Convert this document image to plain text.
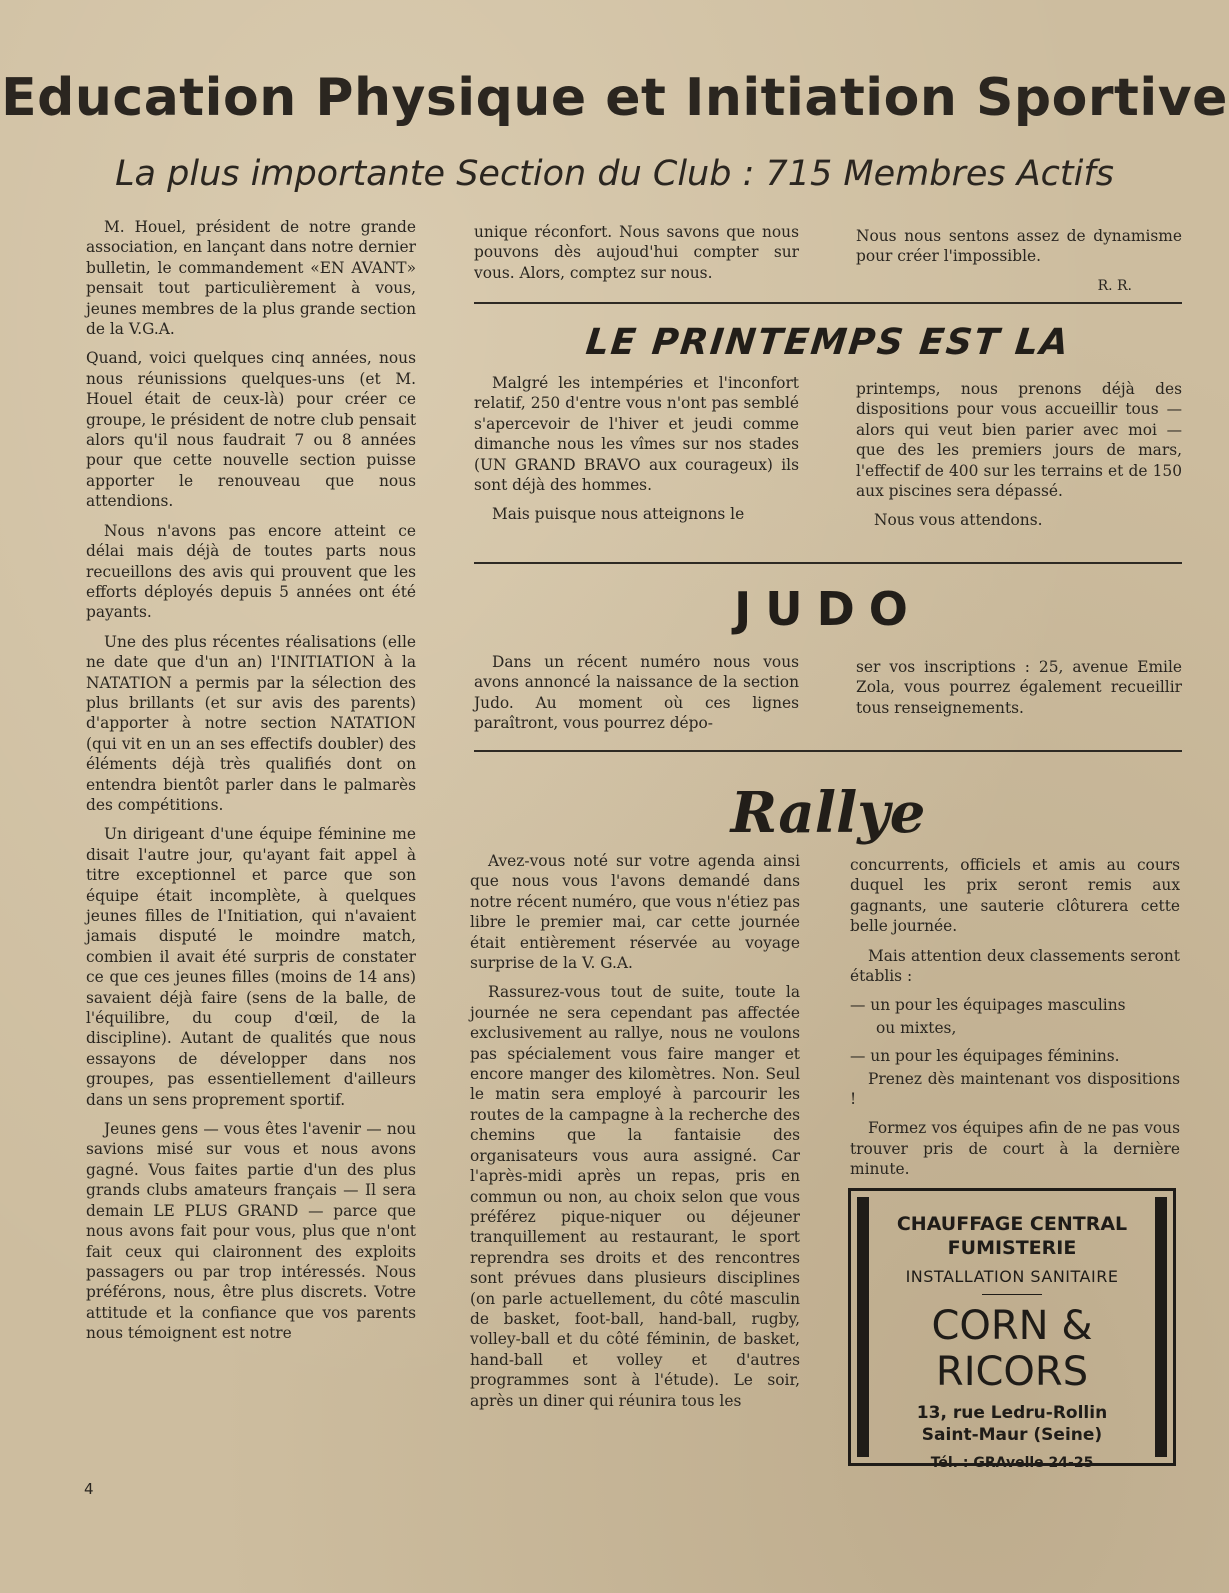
Education Physique et Initiation Sportive
La plus importante Section du Club : 715 Membres Actifs

M. Houel, président de notre grande association, en lançant dans notre dernier bulletin, le commandement «EN AVANT» pensait tout particulièrement à vous, jeunes membres de la plus grande section de la V.G.A.

Quand, voici quelques cinq années, nous nous réunissions quelques-uns (et M. Houel était de ceux-là) pour créer ce groupe, le président de notre club pensait alors qu'il nous faudrait 7 ou 8 années pour que cette nouvelle section puisse apporter le renouveau que nous attendions.

Nous n'avons pas encore atteint ce délai mais déjà de toutes parts nous recueillons des avis qui prouvent que les efforts déployés depuis 5 années ont été payants.

Une des plus récentes réalisations (elle ne date que d'un an) l'INITIATION à la NATATION a permis par la sélection des plus brillants (et sur avis des parents) d'apporter à notre section NATATION (qui vit en un an ses effectifs doubler) des éléments déjà très qualifiés dont on entendra bientôt parler dans le palmarès des compétitions.

Un dirigeant d'une équipe féminine me disait l'autre jour, qu'ayant fait appel à titre exceptionnel et parce que son équipe était incomplète, à quelques jeunes filles de l'Initiation, qui n'avaient jamais disputé le moindre match, combien il avait été surpris de constater ce que ces jeunes filles (moins de 14 ans) savaient déjà faire (sens de la balle, de l'équilibre, du coup d'œil, de la discipline). Autant de qualités que nous essayons de développer dans nos groupes, pas essentiellement d'ailleurs dans un sens proprement sportif.

Jeunes gens — vous êtes l'avenir — nou savions misé sur vous et nous avons gagné. Vous faites partie d'un des plus grands clubs amateurs français — Il sera demain LE PLUS GRAND — parce que nous avons fait pour vous, plus que n'ont fait ceux qui claironnent des exploits passagers ou par trop intéressés. Nous préférons, nous, être plus discrets. Votre attitude et la confiance que vos parents nous témoignent est notre

unique réconfort. Nous savons que nous pouvons dès aujoud'hui compter sur vous. Alors, comptez sur nous.

Nous nous sentons assez de dynamisme pour créer l'impossible.

R. R.
LE PRINTEMPS EST LA

Malgré les intempéries et l'inconfort relatif, 250 d'entre vous n'ont pas semblé s'apercevoir de l'hiver et jeudi comme dimanche nous les vîmes sur nos stades (UN GRAND BRAVO aux courageux) ils sont déjà des hommes.

Mais puisque nous atteignons le

printemps, nous prenons déjà des dispositions pour vous accueillir tous — alors qui veut bien parier avec moi — que des les premiers jours de mars, l'effectif de 400 sur les terrains et de 150 aux piscines sera dépassé.

Nous vous attendons.

JUDO

Dans un récent numéro nous vous avons annoncé la naissance de la section Judo. Au moment où ces lignes paraîtront, vous pourrez dépo-

ser vos inscriptions : 25, avenue Emile Zola, vous pourrez également recueillir tous renseignements.

Rallye

Avez-vous noté sur votre agenda ainsi que nous vous l'avons demandé dans notre récent numéro, que vous n'étiez pas libre le premier mai, car cette journée était entièrement réservée au voyage surprise de la V. G.A.

Rassurez-vous tout de suite, toute la journée ne sera cependant pas affectée exclusivement au rallye, nous ne voulons pas spécialement vous faire manger et encore manger des kilomètres. Non. Seul le matin sera employé à parcourir les routes de la campagne à la recherche des chemins que la fantaisie des organisateurs vous aura assigné. Car l'après-midi après un repas, pris en commun ou non, au choix selon que vous préférez pique-niquer ou déjeuner tranquillement au restaurant, le sport reprendra ses droits et des rencontres sont prévues dans plusieurs disciplines (on parle actuellement, du côté masculin de basket, foot-ball, hand-ball, rugby, volley-ball et du côté féminin, de basket, hand-ball et volley et d'autres programmes sont à l'étude). Le soir, après un diner qui réunira tous les

concurrents, officiels et amis au cours duquel les prix seront remis aux gagnants, une sauterie clôturera cette belle journée.

Mais attention deux classements seront établis :

— un pour les équipages masculins

ou mixtes,

— un pour les équipages féminins.

Prenez dès maintenant vos dispositions !

Formez vos équipes afin de ne pas vous trouver pris de court à la dernière minute.

CHAUFFAGE CENTRAL
FUMISTERIE
INSTALLATION SANITAIRE
CORN & RICORS
13, rue Ledru-Rollin
Saint-Maur (Seine)
Tél. : GRAvelle 24-25
4
